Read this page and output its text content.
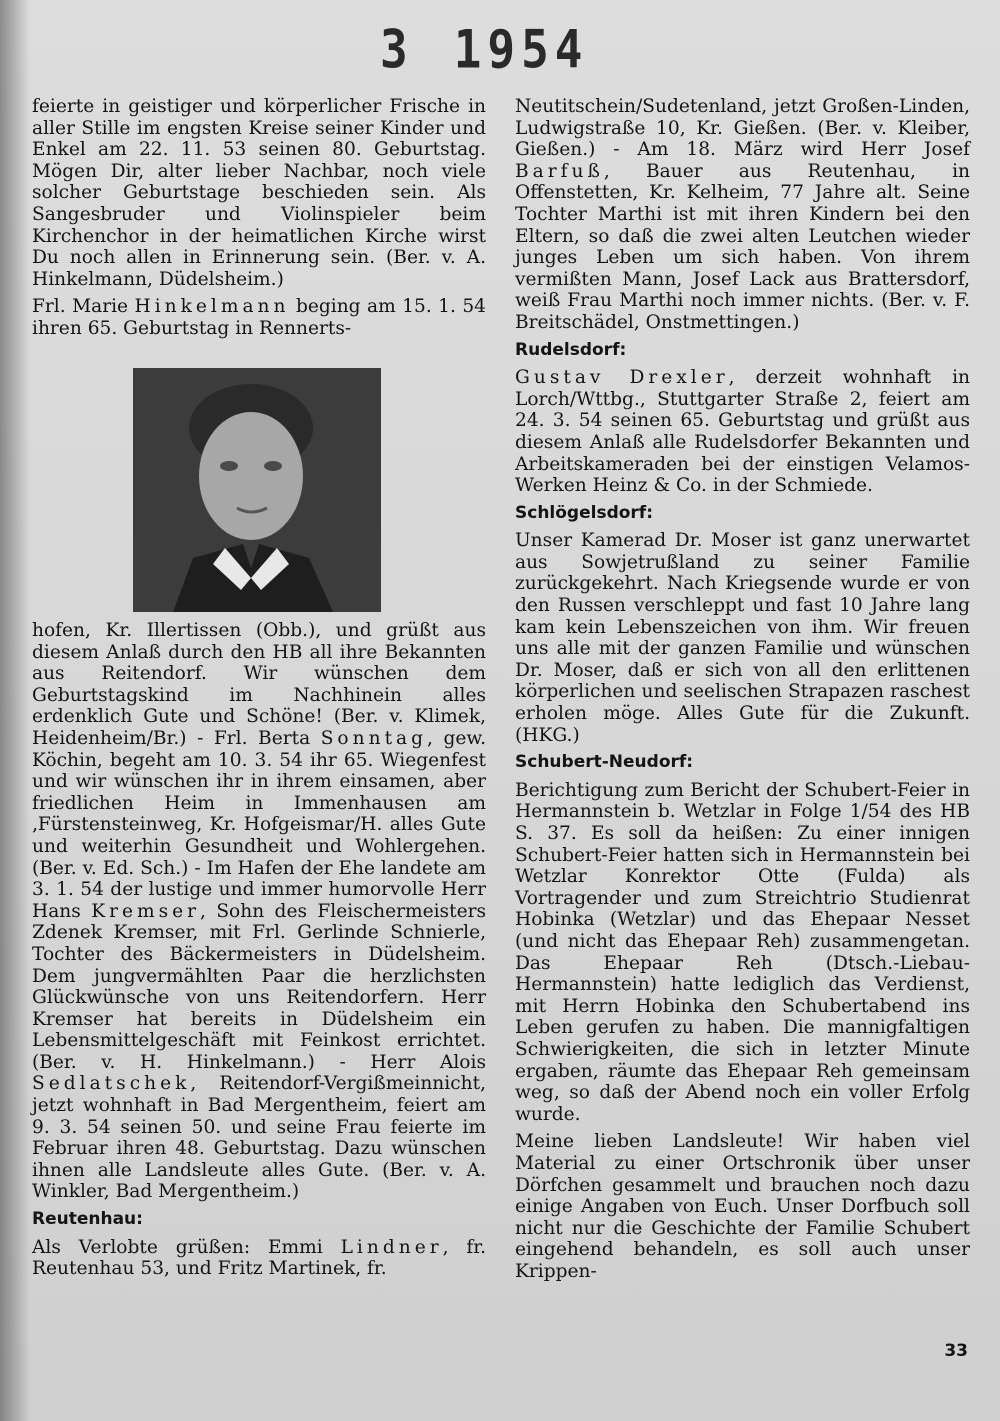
3 1954

feierte in geistiger und körperlicher Frische in aller Stille im engsten Kreise seiner Kinder und Enkel am 22. 11. 53 seinen 80. Geburtstag. Mögen Dir, alter lieber Nachbar, noch viele solcher Geburtstage beschieden sein. Als Sangesbruder und Violinspieler beim Kirchenchor in der heimatlichen Kirche wirst Du noch allen in Erinnerung sein. (Ber. v. A. Hinkelmann, Düdelsheim.)

Frl. Marie Hinkelmann beging am 15. 1. 54 ihren 65. Geburtstag in Rennerts-

hofen, Kr. Illertissen (Obb.), und grüßt aus diesem Anlaß durch den HB all ihre Bekannten aus Reitendorf. Wir wünschen dem Geburtstagskind im Nachhinein alles erdenklich Gute und Schöne! (Ber. v. Klimek, Heidenheim/Br.) - Frl. Berta Sonntag, gew. Köchin, begeht am 10. 3. 54 ihr 65. Wiegenfest und wir wünschen ihr in ihrem einsamen, aber friedlichen Heim in Immenhausen am ‚Fürstensteinweg, Kr. Hofgeismar/H. alles Gute und weiterhin Gesundheit und Wohlergehen. (Ber. v. Ed. Sch.) - Im Hafen der Ehe landete am 3. 1. 54 der lustige und immer humorvolle Herr Hans Kremser, Sohn des Fleischermeisters Zdenek Kremser, mit Frl. Gerlinde Schnierle, Tochter des Bäckermeisters in Düdelsheim. Dem jungvermählten Paar die herzlichsten Glückwünsche von uns Reitendorfern. Herr Kremser hat bereits in Düdelsheim ein Lebensmittelgeschäft mit Feinkost errichtet. (Ber. v. H. Hinkelmann.) - Herr Alois Sedlatschek, Reitendorf-Vergißmeinnicht, jetzt wohnhaft in Bad Mergentheim, feiert am 9. 3. 54 seinen 50. und seine Frau feierte im Februar ihren 48. Geburtstag. Dazu wünschen ihnen alle Landsleute alles Gute. (Ber. v. A. Winkler, Bad Mergentheim.)

Reutenhau:

Als Verlobte grüßen: Emmi Lindner, fr. Reutenhau 53, und Fritz Martinek, fr.

Neutitschein/Sudetenland, jetzt Großen-Linden, Ludwigstraße 10, Kr. Gießen. (Ber. v. Kleiber, Gießen.) - Am 18. März wird Herr Josef Barfuß, Bauer aus Reutenhau, in Offenstetten, Kr. Kelheim, 77 Jahre alt. Seine Tochter Marthi ist mit ihren Kindern bei den Eltern, so daß die zwei alten Leutchen wieder junges Leben um sich haben. Von ihrem vermißten Mann, Josef Lack aus Brattersdorf, weiß Frau Marthi noch immer nichts. (Ber. v. F. Breitschädel, Onstmettingen.)

Rudelsdorf:

Gustav Drexler, derzeit wohnhaft in Lorch/Wttbg., Stuttgarter Straße 2, feiert am 24. 3. 54 seinen 65. Geburtstag und grüßt aus diesem Anlaß alle Rudelsdorfer Bekannten und Arbeitskameraden bei der einstigen Velamos-Werken Heinz & Co. in der Schmiede.

Schlögelsdorf:

Unser Kamerad Dr. Moser ist ganz unerwartet aus Sowjetrußland zu seiner Familie zurückgekehrt. Nach Kriegsende wurde er von den Russen verschleppt und fast 10 Jahre lang kam kein Lebenszeichen von ihm. Wir freuen uns alle mit der ganzen Familie und wünschen Dr. Moser, daß er sich von all den erlittenen körperlichen und seelischen Strapazen raschest erholen möge. Alles Gute für die Zukunft. (HKG.)

Schubert-Neudorf:

Berichtigung zum Bericht der Schubert-Feier in Hermannstein b. Wetzlar in Folge 1/54 des HB S. 37. Es soll da heißen: Zu einer innigen Schubert-Feier hatten sich in Hermannstein bei Wetzlar Konrektor Otte (Fulda) als Vortragender und zum Streichtrio Studienrat Hobinka (Wetzlar) und das Ehepaar Nesset (und nicht das Ehepaar Reh) zusammengetan. Das Ehepaar Reh (Dtsch.-Liebau-Hermannstein) hatte lediglich das Verdienst, mit Herrn Hobinka den Schubertabend ins Leben gerufen zu haben. Die mannigfaltigen Schwierigkeiten, die sich in letzter Minute ergaben, räumte das Ehepaar Reh gemeinsam weg, so daß der Abend noch ein voller Erfolg wurde.

Meine lieben Landsleute! Wir haben viel Material zu einer Ortschronik über unser Dörfchen gesammelt und brauchen noch dazu einige Angaben von Euch. Unser Dorfbuch soll nicht nur die Geschichte der Familie Schubert eingehend behandeln, es soll auch unser Krippen-

33
